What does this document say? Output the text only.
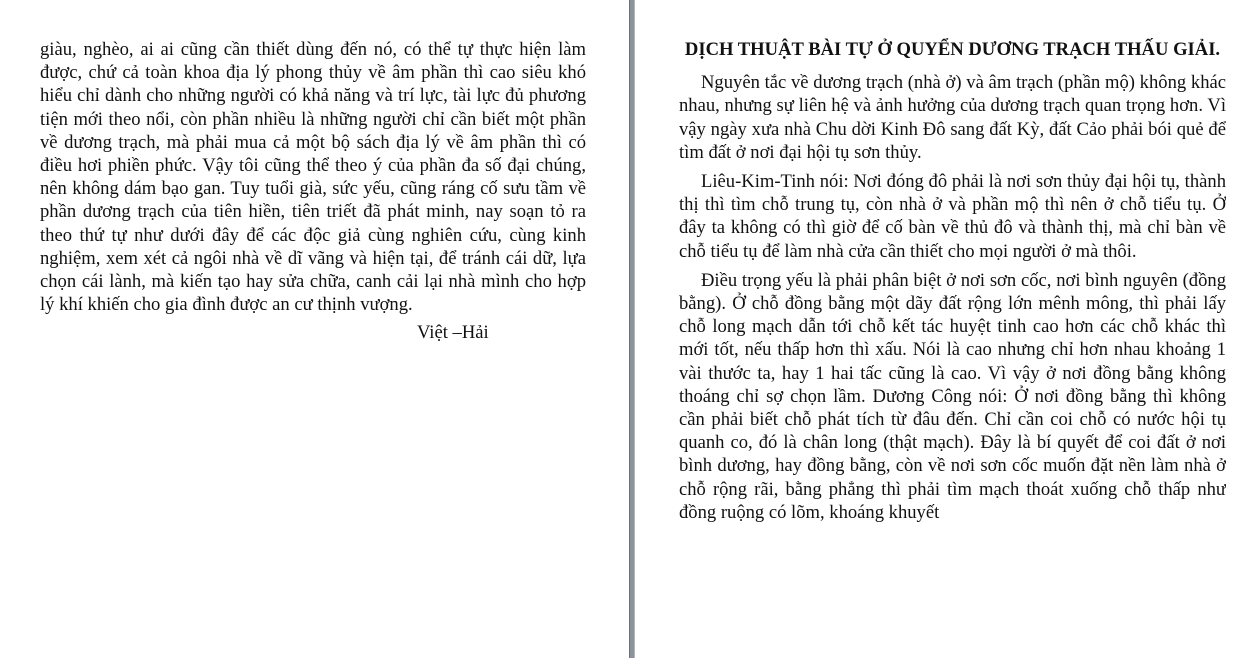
giàu, nghèo, ai ai cũng cần thiết dùng đến nó, có thể tự thực hiện làm được, chứ cả toàn khoa địa lý phong thủy về âm phần thì cao siêu khó hiểu chỉ dành cho những người có khả năng và trí lực, tài lực đủ phương tiện mới theo nổi, còn phần nhiều là những người chỉ cần biết một phần về dương trạch, mà phải mua cả một bộ sách địa lý về âm phần thì có điều hơi phiền phức. Vậy tôi cũng thể theo ý của phần đa số đại chúng, nên không dám bạo gan. Tuy tuổi già, sức yếu, cũng ráng cố sưu tầm về phần dương trạch của tiên hiền, tiên triết đã phát minh, nay soạn tỏ ra theo thứ tự như dưới đây để các độc giả cùng nghiên cứu, cùng kinh nghiệm, xem xét cả ngôi nhà về dĩ vãng và hiện tại, để tránh cái dữ, lựa chọn cái lành, mà kiến tạo hay sửa chữa, canh cải lại nhà mình cho hợp lý khí khiến cho gia đình được an cư thịnh vượng.

Việt –Hải

DỊCH THUẬT BÀI TỰ Ở QUYỂN DƯƠNG TRẠCH THẤU GIẢI.

Nguyên tắc về dương trạch (nhà ở) và âm trạch (phần mộ) không khác nhau, nhưng sự liên hệ và ảnh hưởng của dương trạch quan trọng hơn. Vì vậy ngày xưa nhà Chu dời Kinh Đô sang đất Kỳ, đất Cảo phải bói quẻ để tìm đất ở nơi đại hội tụ sơn thủy.

Liêu-Kim-Tinh nói: Nơi đóng đô phải là nơi sơn thủy đại hội tụ, thành thị thì tìm chỗ trung tụ, còn nhà ở và phần mộ thì nên ở chỗ tiểu tụ. Ở đây ta không có thì giờ để cố bàn về thủ đô và thành thị, mà chỉ bàn về chỗ tiểu tụ để làm nhà cửa cần thiết cho mọi người ở mà thôi.

Điều trọng yếu là phải phân biệt ở nơi sơn cốc, nơi bình nguyên (đồng bằng). Ở chỗ đồng bằng một dãy đất rộng lớn mênh mông, thì phải lấy chỗ long mạch dẫn tới chỗ kết tác huyệt tinh cao hơn các chỗ khác thì mới tốt, nếu thấp hơn thì xấu. Nói là cao nhưng chỉ hơn nhau khoảng 1 vài thước ta, hay 1 hai tấc cũng là cao. Vì vậy ở nơi đồng bằng không thoáng chỉ sợ chọn lầm. Dương Công nói: Ở nơi đồng bằng thì không cần phải biết chỗ phát tích từ đâu đến. Chỉ cần coi chỗ có nước hội tụ quanh co, đó là chân long (thật mạch). Đây là bí quyết để coi đất ở nơi bình dương, hay đồng bằng, còn về nơi sơn cốc muốn đặt nền làm nhà ở chỗ rộng rãi, bằng phẳng thì phải tìm mạch thoát xuống chỗ thấp như đồng ruộng có lõm, khoáng khuyết
